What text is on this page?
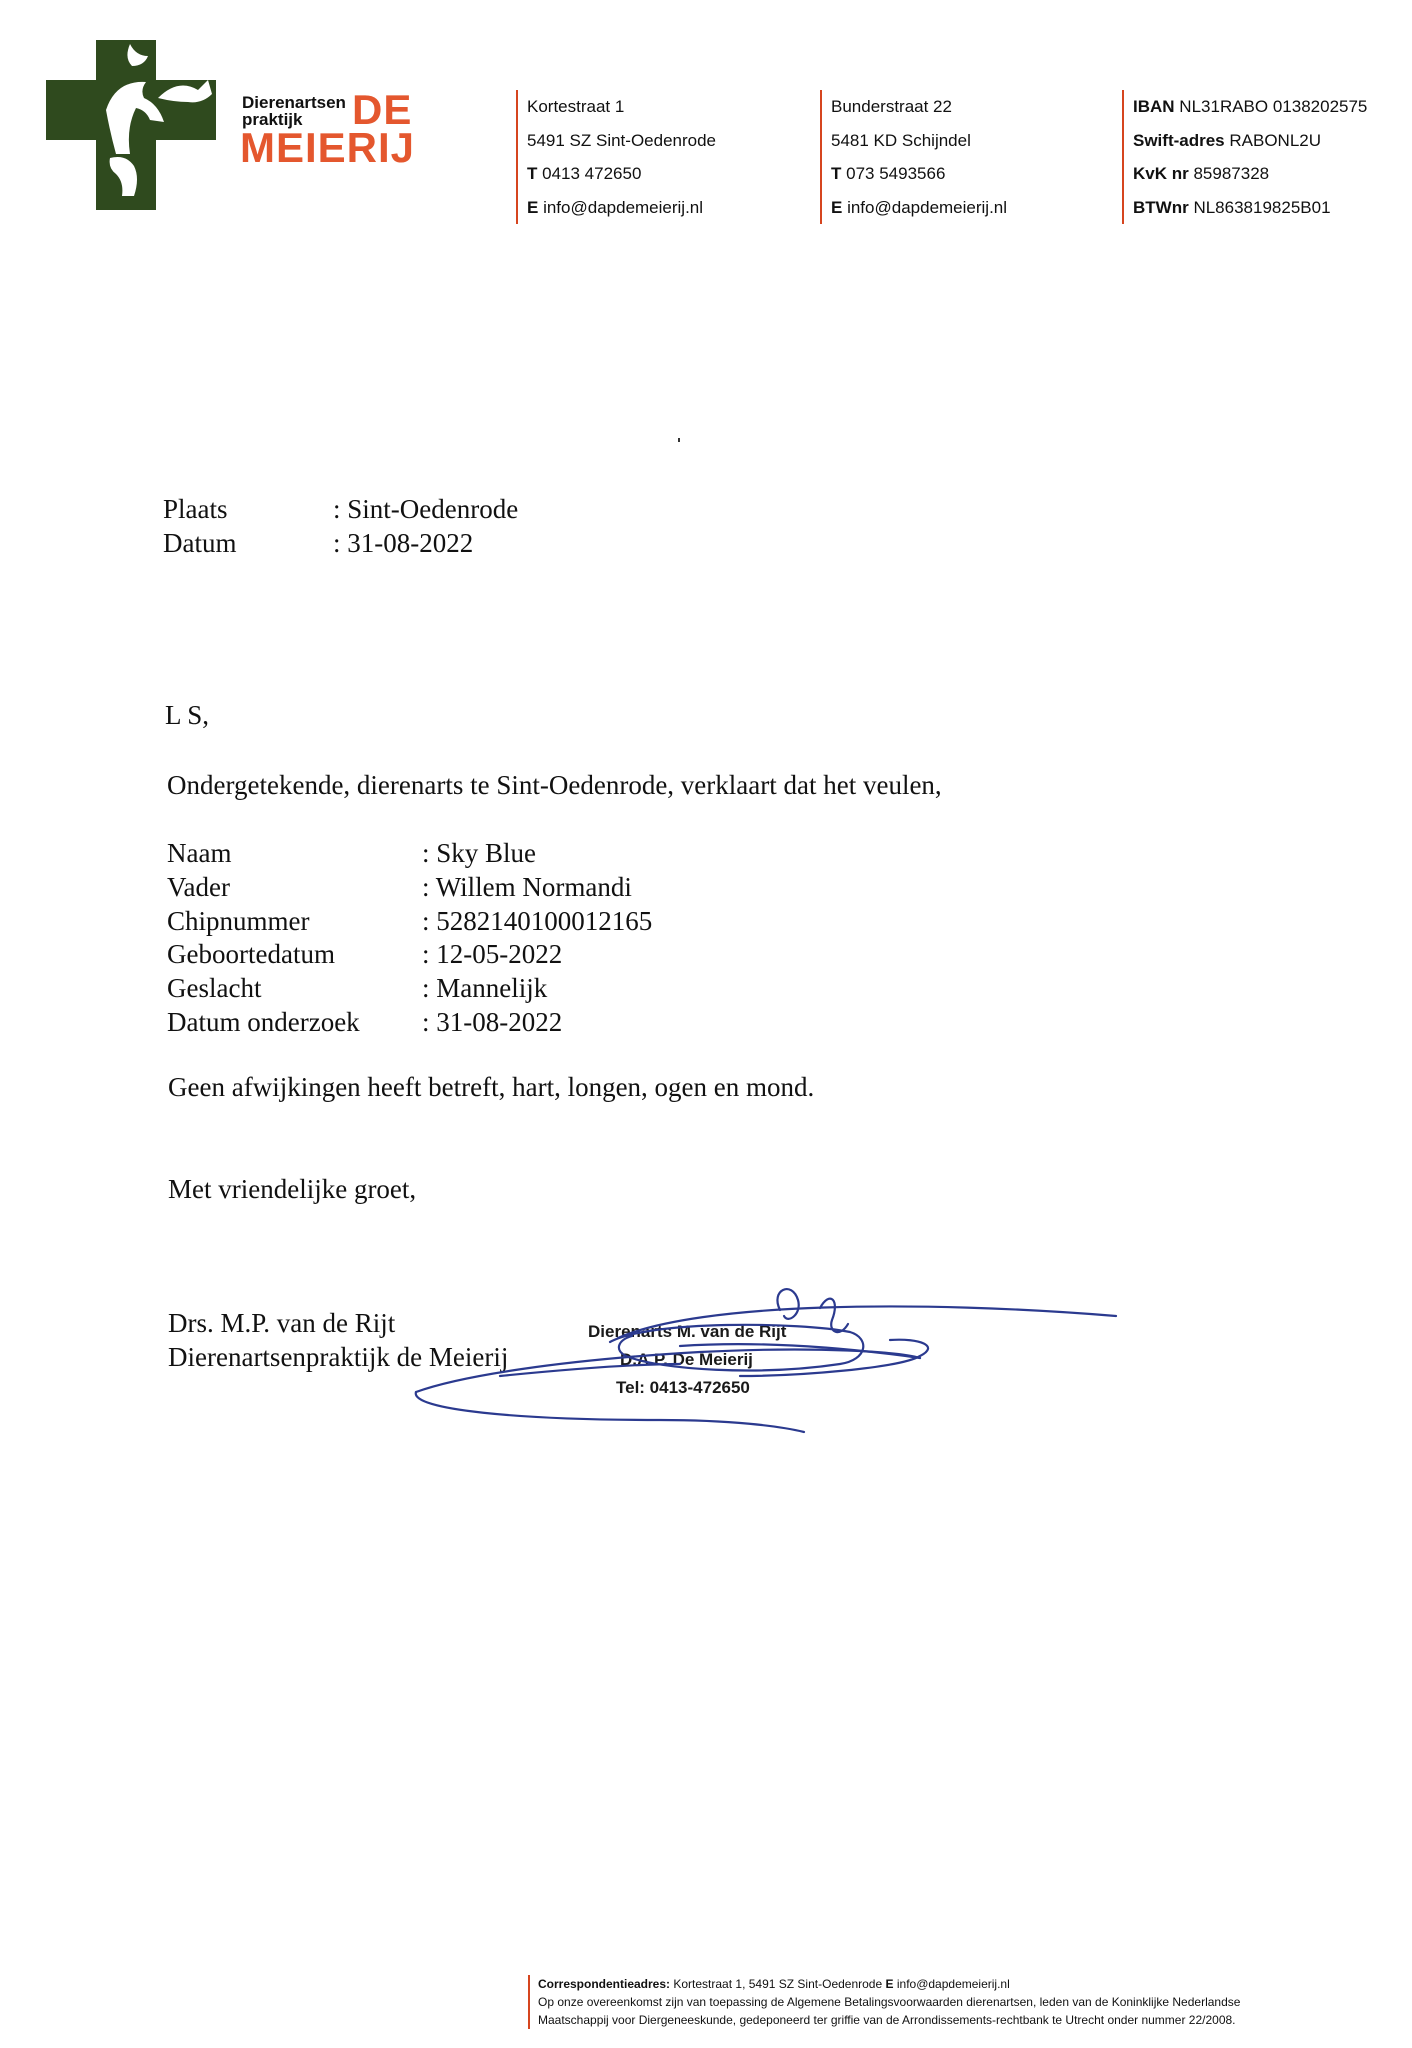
Dierenartsen
praktijk	DE
MEIERIJ
Kortestraat 1
5491 SZ Sint-Oedenrode
T 0413 472650
E info@dapdemeierij.nl
Bunderstraat 22
5481 KD Schijndel
T 073 5493566
E info@dapdemeierij.nl
IBAN NL31RABO 0138202575
Swift-adres RABONL2U
KvK nr 85987328
BTWnr NL863819825B01
Plaats	: Sint-Oedenrode
Datum	: 31-08-2022
L S,
Ondergetekende, dierenarts te Sint-Oedenrode, verklaart dat het veulen,
Naam	: Sky Blue
Vader	: Willem Normandi
Chipnummer	: 528214010001​2165
Geboortedatum	: 12-05-2022
Geslacht	: Mannelijk
Datum onderzoek : 31-08-2022
Geen afwijkingen heeft betreft, hart, longen, ogen en mond.
Met vriendelijke groet,
Drs. M.P. van de Rijt
Dierenartsenpraktijk de Meierij
Dierenarts M. van de Rijt
D.A.P. De Meierij
Tel: 0413-472650
Correspondentieadres: Kortestraat 1, 5491 SZ Sint-Oedenrode E info@dapdemeierij.nl
Op onze overeenkomst zijn van toepassing de Algemene Betalingsvoorwaarden dierenartsen, leden van de Koninklijke Nederlandse
Maatschappij voor Diergeneeskunde, gedeponeerd ter griffie van de Arrondissements-rechtbank te Utrecht onder nummer 22/2008.
